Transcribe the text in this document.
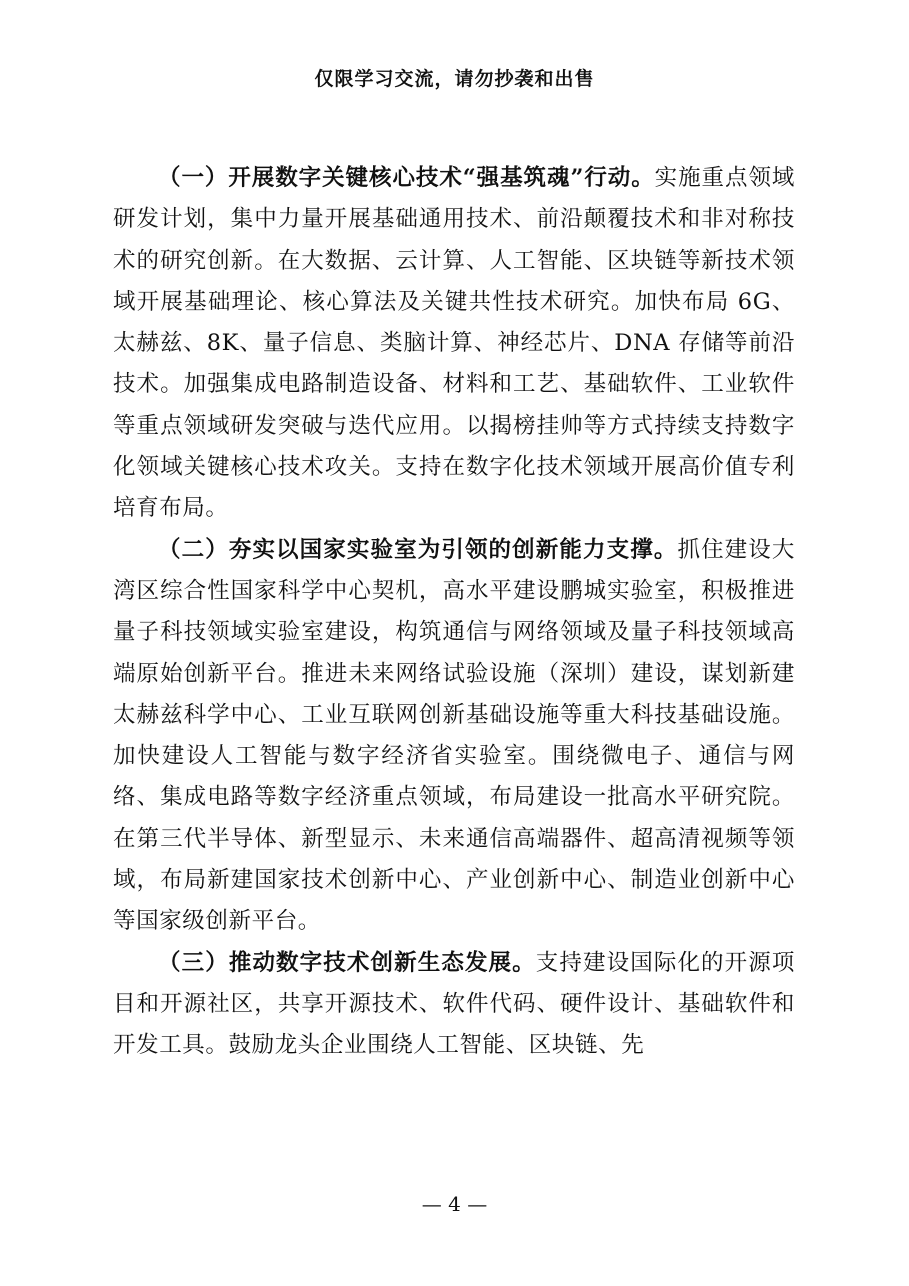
仅限学习交流，请勿抄袭和出售

（一）开展数字关键核心技术“强基筑魂”行动。实施重点领域研发计划，集中力量开展基础通用技术、前沿颠覆技术和非对称技术的研究创新。在大数据、云计算、人工智能、区块链等新技术领域开展基础理论、核心算法及关键共性技术研究。加快布局 6G、太赫兹、8K、量子信息、类脑计算、神经芯片、DNA 存储等前沿技术。加强集成电路制造设备、材料和工艺、基础软件、工业软件等重点领域研发突破与迭代应用。以揭榜挂帅等方式持续支持数字化领域关键核心技术攻关。支持在数字化技术领域开展高价值专利培育布局。

（二）夯实以国家实验室为引领的创新能力支撑。抓住建设大湾区综合性国家科学中心契机，高水平建设鹏城实验室，积极推进量子科技领域实验室建设，构筑通信与网络领域及量子科技领域高端原始创新平台。推进未来网络试验设施（深圳）建设，谋划新建太赫兹科学中心、工业互联网创新基础设施等重大科技基础设施。加快建设人工智能与数字经济省实验室。围绕微电子、通信与网络、集成电路等数字经济重点领域，布局建设一批高水平研究院。在第三代半导体、新型显示、未来通信高端器件、超高清视频等领域，布局新建国家技术创新中心、产业创新中心、制造业创新中心等国家级创新平台。

（三）推动数字技术创新生态发展。支持建设国际化的开源项目和开源社区，共享开源技术、软件代码、硬件设计、基础软件和开发工具。鼓励龙头企业围绕人工智能、区块链、先

— 4 —
